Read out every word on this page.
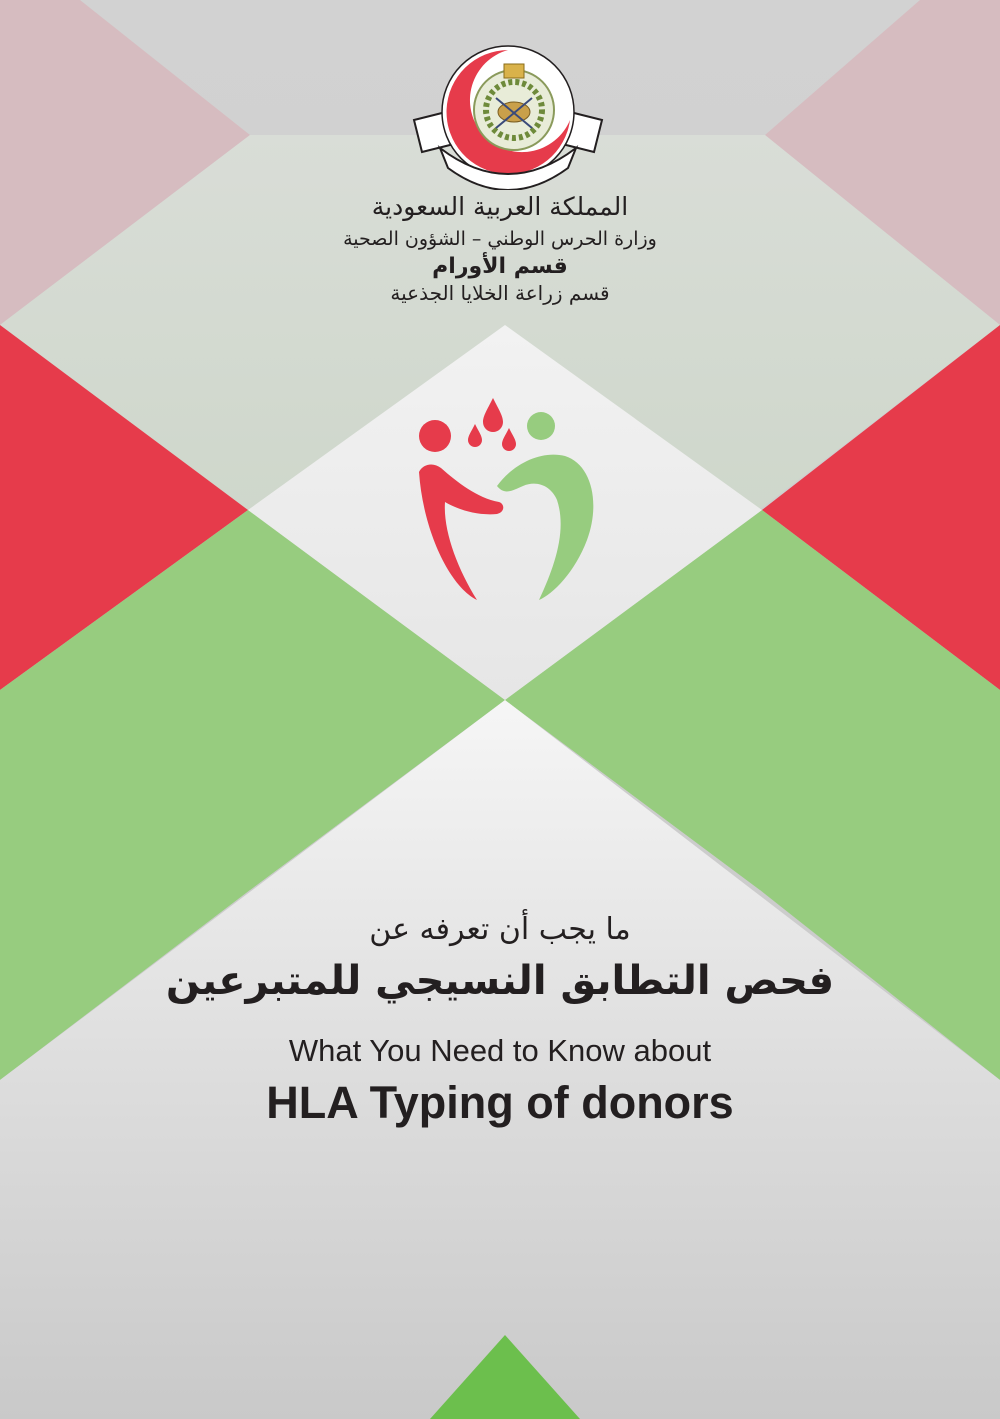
المملكة العربية السعودية
وزارة الحرس الوطني – الشؤون الصحية
قسم الأورام
قسم زراعة الخلايا الجذعية
ما يجب أن تعرفه عن
فحص التطابق النسيجي للمتبرعين
What You Need to Know about
HLA Typing of donors
